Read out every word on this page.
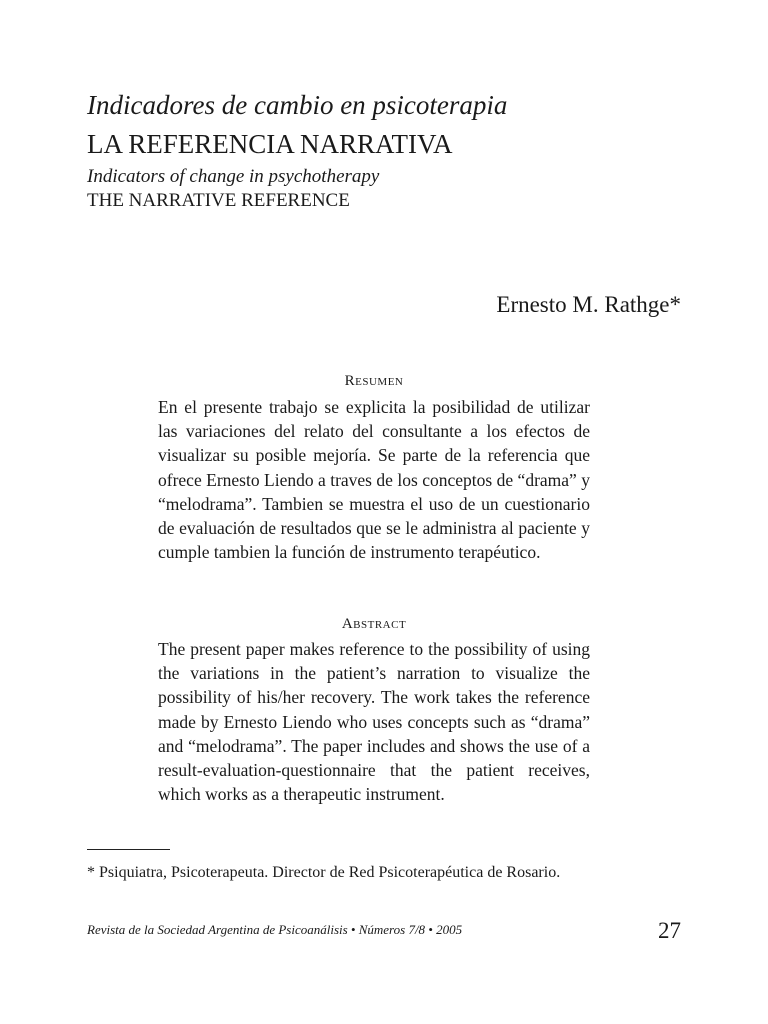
Indicadores de cambio en psicoterapia
LA REFERENCIA NARRATIVA
Indicators of change in psychotherapy
THE NARRATIVE REFERENCE
Ernesto M. Rathge*
Resumen
En el presente trabajo se explicita la posibilidad de utilizar las variaciones del relato del consultante a los efectos de visualizar su posible mejoría. Se parte de la referencia que ofrece Ernesto Liendo a traves de los conceptos de “drama” y “melodrama”. Tambien se muestra el uso de un cuestionario de evaluación de resultados que se le administra al paciente y cumple tambien la función de instrumento terapéutico.
Abstract
The present paper makes reference to the possibility of using the variations in the patient’s narration to visualize the possibility of his/her recovery. The work takes the reference made by Ernesto Liendo who uses concepts such as “drama” and “melodrama”. The paper includes and shows the use of a result-evaluation-questionnaire that the patient receives, which works as a therapeutic instrument.
* Psiquiatra, Psicoterapeuta. Director de Red Psicoterapéutica de Rosario.
Revista de la Sociedad Argentina de Psicoanálisis • Números 7/8 • 2005	27
